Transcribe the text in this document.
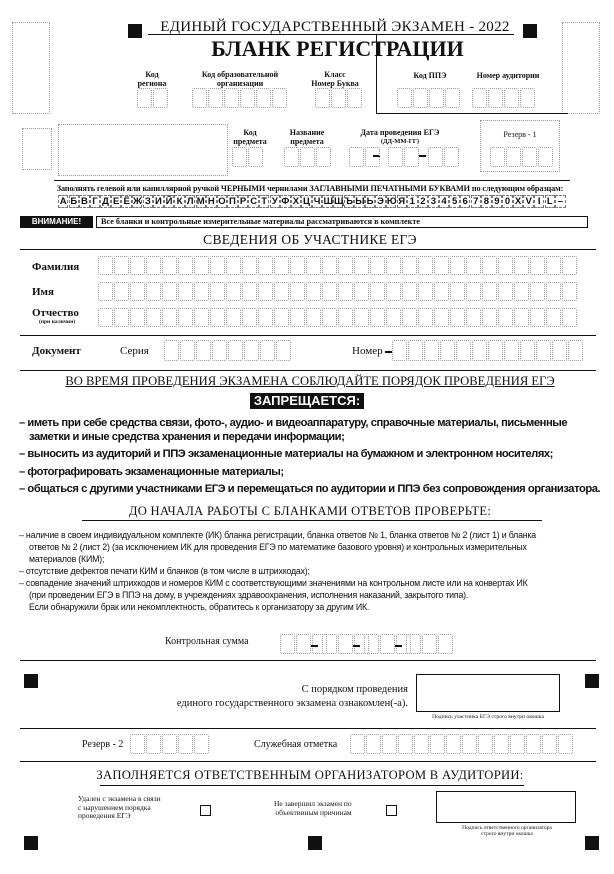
ЕДИНЫЙ ГОСУДАРСТВЕННЫЙ ЭКЗАМЕН - 2022
БЛАНК РЕГИСТРАЦИИ
Код
региона
Код образовательной
организации
Класс
Номер Буква
Код ППЭ	Номер аудитории
Код
предмета
Название
предмета
Дата проведения ЕГЭ
(ДД-ММ-ГГ)
Резерв - 1
Заполнять гелевой или капиллярной ручкой ЧЕРНЫМИ чернилами ЗАГЛАВНЫМИ ПЕЧАТНЫМИ БУКВАМИ по следующим образцам:
А Б В Г Д Е Ё Ж З И Й К Л М Н О П Р С Т У Ф Х Ц Ч Ш Щ Ъ Ы Ь Э Ю Я 1 2 3 4 5 6 7 8 9 0 X V I L –
ВНИМАНИЕ!	Все бланки и контрольные измерительные материалы рассматриваются в комплекте
СВЕДЕНИЯ ОБ УЧАСТНИКЕ ЕГЭ
Фамилия
Имя
Отчество
(при наличии)
Документ	Серия	Номер
ВО ВРЕМЯ ПРОВЕДЕНИЯ ЭКЗАМЕНА СОБЛЮДАЙТЕ ПОРЯДОК ПРОВЕДЕНИЯ ЕГЭ
ЗАПРЕЩАЕТСЯ:
– иметь при себе средства связи, фото-, аудио- и видеоаппаратуру, справочные материалы, письменные
заметки и иные средства хранения и передачи информации;
– выносить из аудиторий и ППЭ экзаменационные материалы на бумажном и электронном носителях;
– фотографировать экзаменационные материалы;
– общаться с другими участниками ЕГЭ и перемещаться по аудитории и ППЭ без сопровождения организатора.
ДО НАЧАЛА РАБОТЫ С БЛАНКАМИ ОТВЕТОВ ПРОВЕРЬТЕ:
– наличие в своем индивидуальном комплекте (ИК) бланка регистрации, бланка ответов № 1, бланка ответов № 2 (лист 1) и бланка
ответов № 2 (лист 2) (за исключением ИК для проведения ЕГЭ по математике базового уровня) и контрольных измерительных
материалов (КИМ);
– отсутствие дефектов печати КИМ и бланков (в том числе в штрихкодах);
– совпадение значений штрихкодов и номеров КИМ с соответствующими значениями на контрольном листе или на конвертах ИК
(при проведении ЕГЭ в ППЭ на дому, в учреждениях здравоохранения, исполнения наказаний, закрытого типа).
Если обнаружили брак или некомплектность, обратитесь к организатору за другим ИК.
Контрольная сумма
С порядком проведения
единого государственного экзамена ознакомлен(-а).
Подпись участника ЕГЭ строго внутри окошка
Резерв - 2	Служебная отметка
ЗАПОЛНЯЕТСЯ ОТВЕТСТВЕННЫМ ОРГАНИЗАТОРОМ В АУДИТОРИИ:
Удален с экзамена в связи
с нарушением порядка
проведения ЕГЭ
Не завершил экзамен по
объективным причинам
Подпись ответственного организатора
строго внутри окошка
